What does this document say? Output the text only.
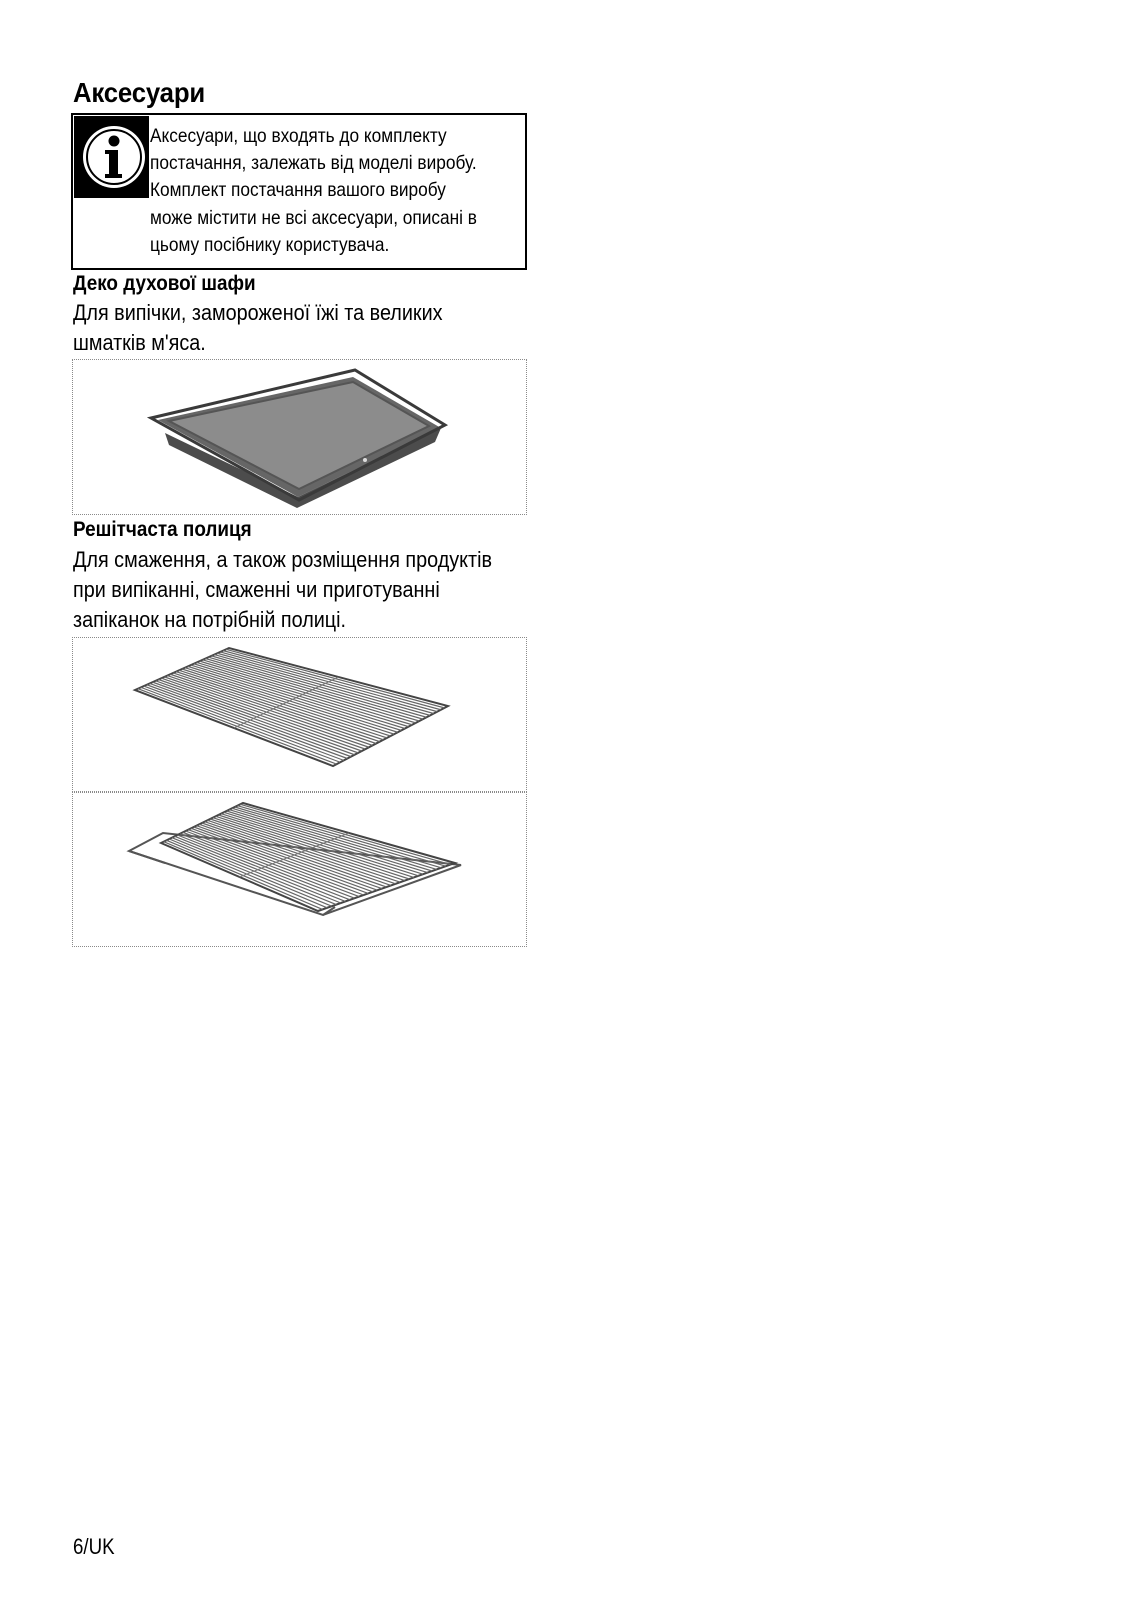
Аксесуари
Аксесуари, що входять до комплекту
постачання, залежать від моделі виробу.
Комплект постачання вашого виробу
може містити не всі аксесуари, описані в
цьому посібнику користувача.
Деко духової шафи
Для випічки, замороженої їжі та великих
шматків м'яса.
Решітчаста полиця
Для смаження, а також розміщення продуктів
при випіканні, смаженні чи приготуванні
запіканок на потрібній полиці.
6/UK
